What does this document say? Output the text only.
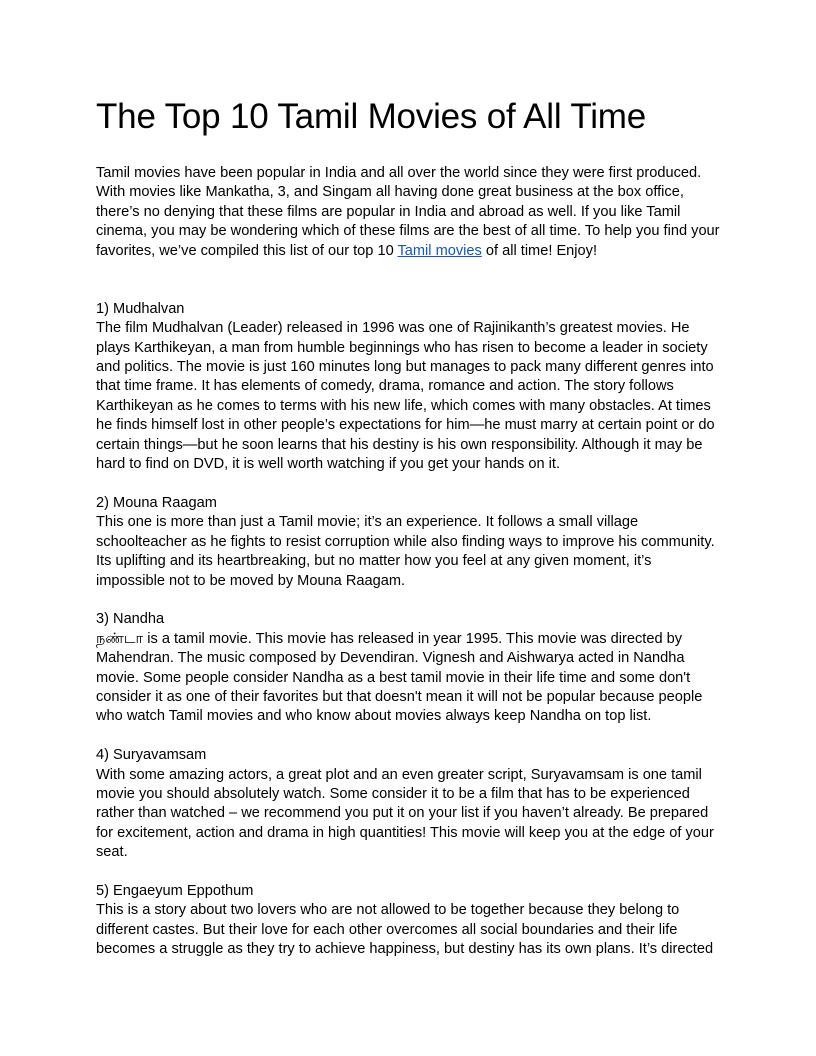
The Top 10 Tamil Movies of All Time

Tamil movies have been popular in India and all over the world since they were first produced. With movies like Mankatha, 3, and Singam all having done great business at the box office, there’s no denying that these films are popular in India and abroad as well. If you like Tamil cinema, you may be wondering which of these films are the best of all time. To help you find your favorites, we’ve compiled this list of our top 10 Tamil movies of all time! Enjoy!

1) Mudhalvan

The film Mudhalvan (Leader) released in 1996 was one of Rajinikanth’s greatest movies. He plays Karthikeyan, a man from humble beginnings who has risen to become a leader in society and politics. The movie is just 160 minutes long but manages to pack many different genres into that time frame. It has elements of comedy, drama, romance and action. The story follows Karthikeyan as he comes to terms with his new life, which comes with many obstacles. At times he finds himself lost in other people’s expectations for him—he must marry at certain point or do certain things—but he soon learns that his destiny is his own responsibility. Although it may be hard to find on DVD, it is well worth watching if you get your hands on it.

2) Mouna Raagam

This one is more than just a Tamil movie; it’s an experience. It follows a small village schoolteacher as he fights to resist corruption while also finding ways to improve his community. Its uplifting and its heartbreaking, but no matter how you feel at any given moment, it’s impossible not to be moved by Mouna Raagam.

3) Nandha

நண்டா is a tamil movie. This movie has released in year 1995. This movie was directed by Mahendran. The music composed by Devendiran. Vignesh and Aishwarya acted in Nandha movie. Some people consider Nandha as a best tamil movie in their life time and some don't consider it as one of their favorites but that doesn't mean it will not be popular because people who watch Tamil movies and who know about movies always keep Nandha on top list.

4) Suryavamsam

With some amazing actors, a great plot and an even greater script, Suryavamsam is one tamil movie you should absolutely watch. Some consider it to be a film that has to be experienced rather than watched – we recommend you put it on your list if you haven’t already. Be prepared for excitement, action and drama in high quantities! This movie will keep you at the edge of your seat.

5) Engaeyum Eppothum

This is a story about two lovers who are not allowed to be together because they belong to different castes. But their love for each other overcomes all social boundaries and their life becomes a struggle as they try to achieve happiness, but destiny has its own plans. It’s directed
